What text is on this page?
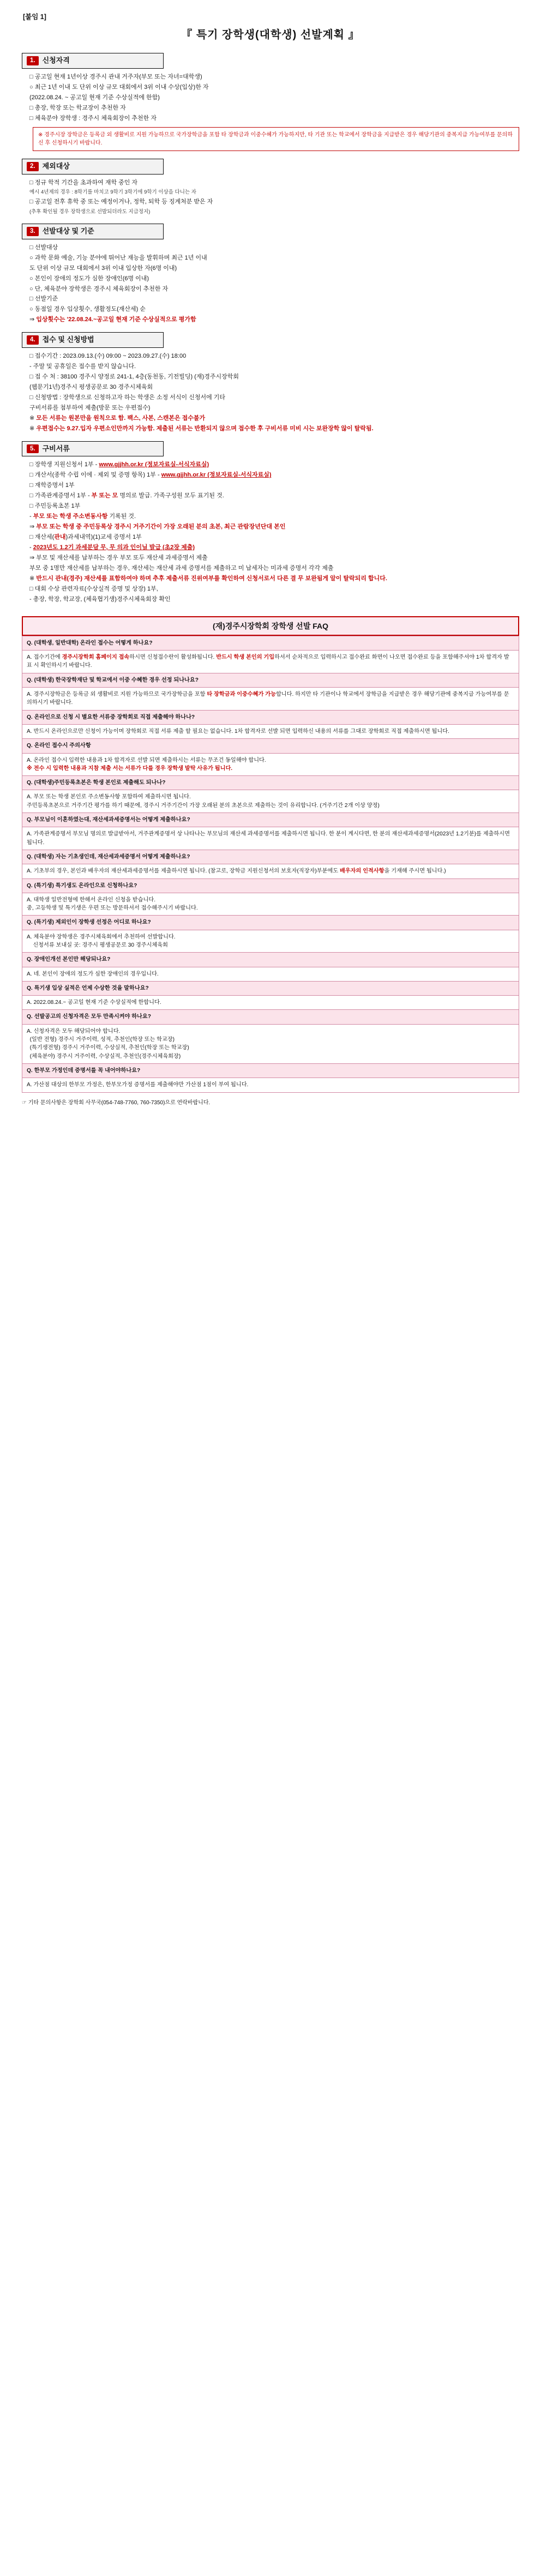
[붙임 1]
『 특기 장학생(대학생) 선발계획 』
1.	신청자격
□ 공고일 현재 1년이상 경주시 관내 거주자(부모 또는 자녀=대학생)
○ 최근 1년 이내 도 단위 이상 규모 대회에서 3위 이내 수상(입상)한 자
(2022.08.24. ~ 공고일 현재 기준 수상실적에 한함)
□ 총장, 학장 또는 학교장이 추천한 자
□ 체육분야 장학생 : 경주시 체육회장이 추천한 자
※ 경주시장 장학금은 등록금 외 생활비로 지원 가능하므로 국가장학금을 포함 타 장학금과 이중수혜가 가능하지만, 타 기관 또는 학교에서 장학금을 지급받은 경우 해당기관의 중복지급 가능여부를 문의하신 후 신청하시기 바랍니다.
2.	제외대상
□ 정규 학적 기간을 초과하여 재학 중인 자
예시 4년제의 경우 : 8학기를 마치고 9학기 3학기에 9학기 이상을 다니는 자
□ 공고일 전후 휴학 중 또는 예정이거나, 정학, 퇴학 등 징계처분 받은 자
(추후 확인될 경우 장학생으로 선발되더라도 지급정지)
3.	선발대상 및 기준
□ 선발대상
○ 과학 문화 예술, 기능 분야에 뛰어난 재능을 발휘하며 최근 1년 이내
도 단위 이상 규모 대회에서 3위 이내 입상한 자(6명 이내)
○ 본인이 장애의 정도가 심한 장애인(6명 이내)
○ 단, 체육분야 장학생은 경주시 체육회장이 추천한 자
□ 선발기준
○ 동점일 경우 입상횟수, 생활정도(재산세) 순
⇒ 입상횟수는 '22.08.24.~공고일 현재 기준 수상실적으로 평가함
4.	접수 및 신청방법
□ 접수기간 : 2023.09.13.(수) 09:00 ~ 2023.09.27.(수) 18:00
- 주말 및 공휴일은 접수를 받지 않습니다.
□ 접 수 처 : 38100 경주시 양정로 241-1, 4층(동천동, 기전빌딩) (재)경주시장학회
(웹문기1년)경주시 평생공문로 30 경주시체육회
□ 신청방법 : 장학생으로 신청하고자 하는 학생은 소정 서식이 신청서에 기타
구비서류를 첨부하여 제출(방문 또는 우편접수)
※ 모든 서류는 원본만을 원칙으로 함. 팩스, 사본, 스캔본은 접수불가
※ 우편접수는 9.27.입자 우편소인만까지 가능함. 제출된 서류는 반환되지 않으며 접수한 후 구비서류 미비 시는 보완장학 않이 탈락됨.
5.	구비서류
□ 장학생 지원신청서 1부 - www.gjjhh.or.kr (정보자료실-서식자료실)
□ 개산서(종학 수립 이에 · 제외 및 증명 항목) 1부 - www.gjjhh.or.kr (정보자료실-서식자료실)
□ 재학증명서 1부
□ 가족관계증명서 1부 - 부 또는 모 명의로 발급. 가족구성원 모두 표기된 것.
□ 주민등록초본 1부
- 부모 또는 학생 주소변동사항 기록된 것.
⇒ 부모 또는 학생 중 주민등록상 경주시 거주기간이 가장 오래된 분의 초본, 최근 관람장년단대 본인
□ 재산세(관내)과세내역)(1)교세 증명서 1부
- 2023년도 1.2기 과세분담 무, 무 의과 인이닐 발급 (초2장 제출)
⇒ 부모 및 재산세를 납부하는 경우 부모 또두 재산세 과세증명서 제출
부모 중 1명만 재산세를 납부하는 경우, 재산세는 재산세 과세 증명서를 제출하고 미 납세자는 미과세 증명서 각각 제출
※ 반드시 관내(경주) 재산세를 표함하여야 하며 추후 제출서류 진위여부를 확인하여 신청서로서 다른 결 무 보완됨게 알이 탈락되리 합니다.
□ 대회 수상 관련자료(수상실적 증명 및 상장) 1부,
- 총장, 학장, 학교장, (체육협기생)경주시체육회장 확인
(재)경주시장학회 장학생 선발 FAQ
Q. (대학생, 일반대학) 온라인 접수는 어떻게 하나요?
A. 접수기간에 경주시장학회 홈페이지 접속하시면 신청접수란이 활성화됩니다. 반드시 학생 본인의 기입하셔서 순차적으로 입력하시고 접수완료 화면이 나오면 접수완료 등을 포함해주셔야 1차 합격자 발표 시 확인하시기 바랍니다.
Q. (대학생) 한국장학재단 및 학교에서 이중 수혜한 경우 선정 되나나요?
A. 경주시장학금은 등록금 외 생활비로 지원 가능하므로 국가장학금을 포함 타 장학금과 이중수혜가 가능합니다. 하지만 타 기관이나 학교에서 장학금을 지급받은 경우 해당기관에 중복지급 가능여부를 문의하시기 바랍니다.
Q. 온라인으로 신청 시 별요한 서류중 장학회로 직접 제출해야 하나나?
A. 반드시 온라인으로만 신청이 가능이며 장학회로 직접 서류 제출 할 필요는 없습니다. 1차 합격자로 선발 되면 입력하신 내용의 서류를 그대로 장학회로 직접 제출하시면 됩니다.
Q. 온라인 접수시 주의사항
A. 온라인 접수시 입력한 내용과 1차 합격자로 선발 되면 제출하시는 서류는 무조건 동일해야 합니다.
※ 전수 시 입력한 내용과 지참 제출 서는 서류가 다를 경우 장학생 발탁 사유가 됩니다.
Q. (대학생)주민등록초본은 학생 본인로 제출해도 되나나?
A. 부모 또는 학생 본인로 주소변동사항 포함하여 제출하시면 됩니다.
주민등록초본으로 거주기간 평가를 하기 때문에, 경주시 거주기간이 가장 오래된 분의 초본으로 제출하는 것이 유리합니다. (거주기간 2개 이상 양정)
Q. 부모님이 이혼하였는대, 재산세과세증명서는 어떻게 제출하나요?
A. 가족관계증명서 부모님 명의로 발급받아서, 거주관계증명서 상 나타나는 부모님의 재산세 과세증명서를 제출하시면 됩니다. 한 분이 계시다면, 한 분의 재산세과세증명서(2023년 1.2기분)를 제출하시면 됩니다.
Q. (대학생) 자는 기초생인데, 재산세과세증명서 어떻게 제출하나요?
A. 기초부의 경우, 본인과 배우자의 재산세과세증명서를 제출하시면 됩니다. (참고로, 장학금 지원신청서의 보호자(직장자)부분에도 배우자의 인적사항을 기재해 주시면 됩니다.)
Q. (특기생) 특기생도 온라인으로 신청하나요?
A. 대학생 일반전형에 한해서 온라인 신청을 받습니다.
중, 고등학생 및 특기생은 우편 또는 방문하셔서 접수해주시기 바랍니다.
Q. (특기생) 제외인이 장학생 선정은 어디로 하나요?
A. 체육분야 장학생은 경주시체육회에서 추천하여 선발합니다.
신청서류 보내실 곳: 경주시 평생공문로 30 경주시체육회
Q. 장애인개선 본인만 해당되나요?
A. 네. 본인이 장애의 정도가 심한 장애인의 경우입니다.
Q. 특기생 입상 실적은 언제 수상한 것을 말하나요?
A. 2022.08.24.~ 공고일 현재 기준 수상실적에 한합니다.
Q. 선발공고의 신청자격은 모두 만족시켜야 하나요?
A. 신청자격은 모두 해당되어야 합니다.
(일반 전형) 경주시 거주이력, 성적, 추천인(학장 또는 학교장)
(특기생전형) 경주시 거주이력, 수상실적, 추천인(학장 또는 학교장)
(체육분야) 경주시 거주이력, 수상실적, 추천인(경주시체육회장)
Q. 한부모 가정인데 증명서를 꼭 내어야하나요?
A. 가산점 대상의 한부모 가정은, 한부모가정 증명서를 제출해야만 가산점 1점이 부여 됩니다.
☞ 기타 문의사항은 장학회 사무국(054-748-7760, 760-7350)으로 연락바랍니다.
